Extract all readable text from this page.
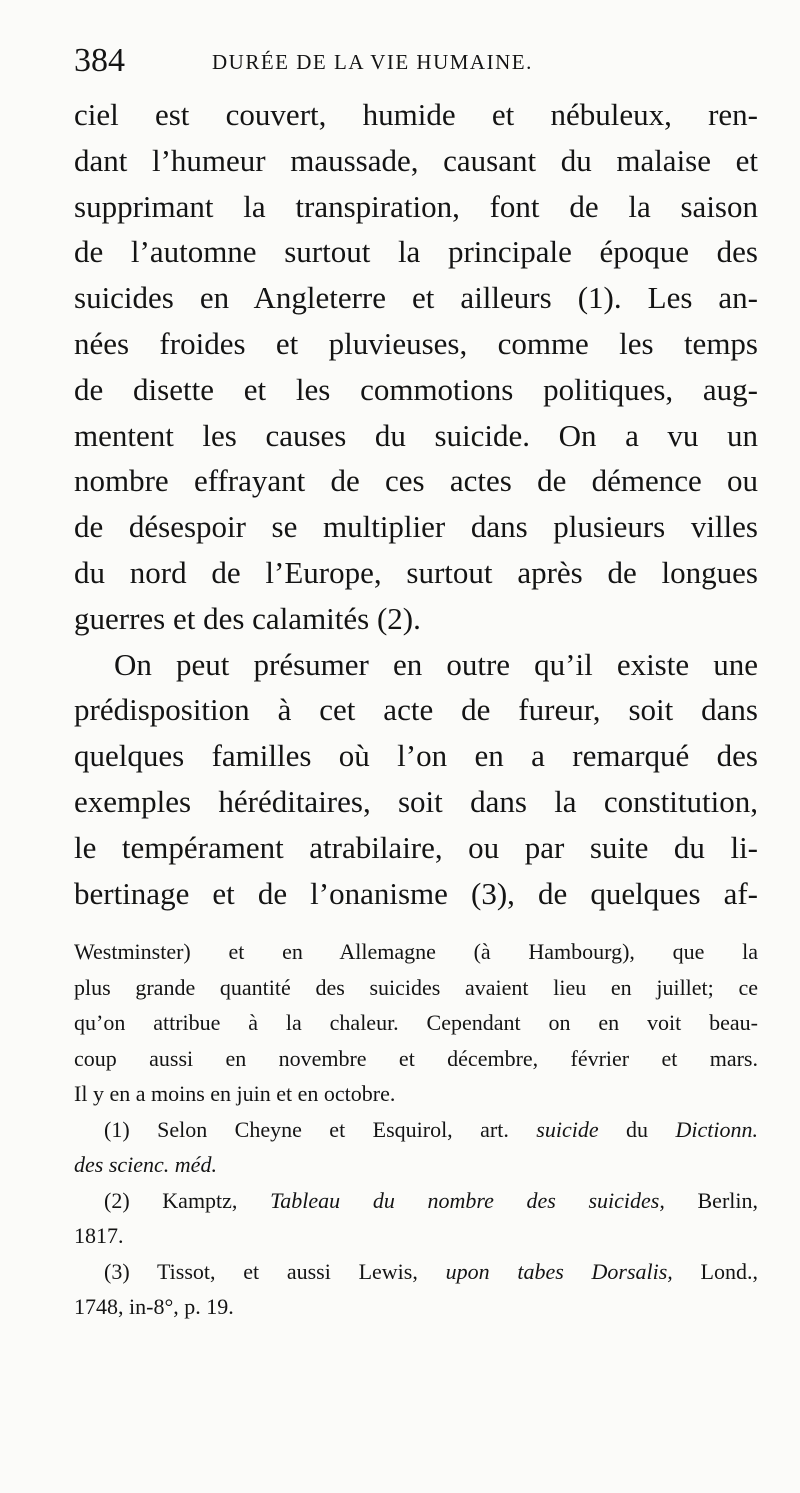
384	DURÉE DE LA VIE HUMAINE.

ciel est couvert, humide et nébuleux, ren-
dant l’humeur maussade, causant du malaise et
supprimant la transpiration, font de la saison
de l’automne surtout la principale époque des
suicides en Angleterre et ailleurs (1). Les an-
nées froides et pluvieuses, comme les temps
de disette et les commotions politiques, aug-
mentent les causes du suicide. On a vu un
nombre effrayant de ces actes de démence ou
de désespoir se multiplier dans plusieurs villes
du nord de l’Europe, surtout après de longues
guerres et des calamités (2).

On peut présumer en outre qu’il existe une
prédisposition à cet acte de fureur, soit dans
quelques familles où l’on en a remarqué des
exemples héréditaires, soit dans la constitution,
le tempérament atrabilaire, ou par suite du li-
bertinage et de l’onanisme (3), de quelques af-

Westminster) et en Allemagne (à Hambourg), que la
plus grande quantité des suicides avaient lieu en juillet; ce
qu’on attribue à la chaleur. Cependant on en voit beau-
coup aussi en novembre et décembre, février et mars.
Il y en a moins en juin et en octobre.
(1) Selon Cheyne et Esquirol, art. suicide du Dictionn.
des scienc. méd.
(2) Kamptz, Tableau du nombre des suicides, Berlin,
1817.
(3) Tissot, et aussi Lewis, upon tabes Dorsalis, Lond.,
1748, in-8°, p. 19.
